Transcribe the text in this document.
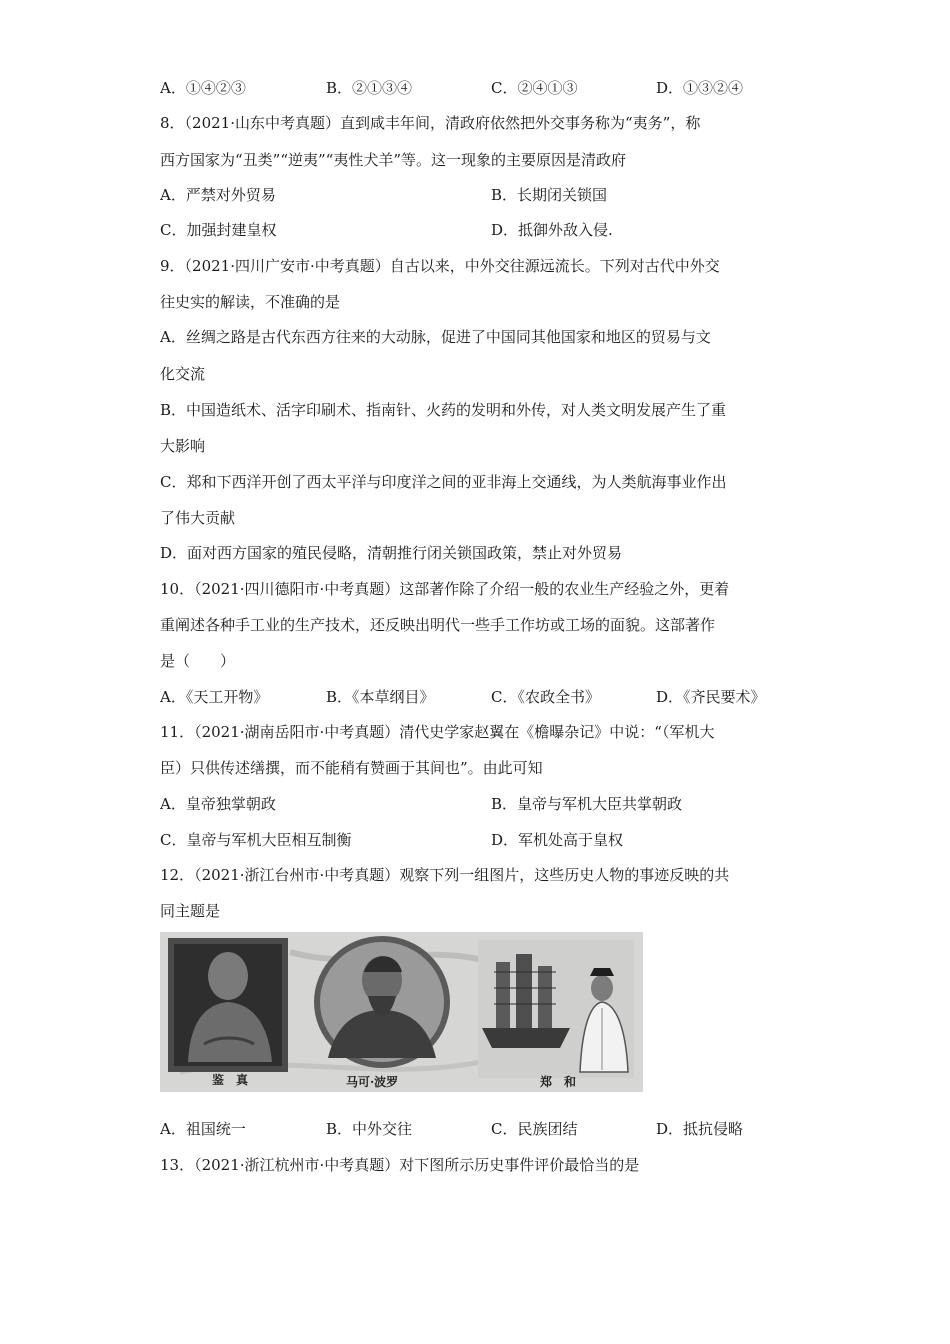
A．①④②③	B．②①③④	C．②④①③	D．①③②④
8．（2021·山东中考真题）直到咸丰年间，清政府依然把外交事务称为“夷务”，称
西方国家为“丑类”“逆夷”“夷性犬羊”等。这一现象的主要原因是清政府
A．严禁对外贸易	B．长期闭关锁国
C．加强封建皇权	D．抵御外敌入侵.
9．（2021·四川广安市·中考真题）自古以来，中外交往源远流长。下列对古代中外交
往史实的解读，不准确的是
A．丝绸之路是古代东西方往来的大动脉，促进了中国同其他国家和地区的贸易与文
化交流
B．中国造纸术、活字印刷术、指南针、火药的发明和外传，对人类文明发展产生了重
大影响
C．郑和下西洋开创了西太平洋与印度洋之间的亚非海上交通线，为人类航海事业作出
了伟大贡献
D．面对西方国家的殖民侵略，清朝推行闭关锁国政策，禁止对外贸易
10．（2021·四川德阳市·中考真题）这部著作除了介绍一般的农业生产经验之外，更着
重阐述各种手工业的生产技术，还反映出明代一些手工作坊或工场的面貌。这部著作
是（　　）
A．《天工开物》	B．《本草纲目》	C．《农政全书》	D．《齐民要术》
11．（2021·湖南岳阳市·中考真题）清代史学家赵翼在《檐曝杂记》中说：“（军机大
臣）只供传述缮撰，而不能稍有赞画于其间也”。由此可知
A．皇帝独掌朝政	B．皇帝与军机大臣共掌朝政
C．皇帝与军机大臣相互制衡	D．军机处高于皇权
12．（2021·浙江台州市·中考真题）观察下列一组图片，这些历史人物的事迹反映的共
同主题是
鉴　真	马可·波罗	郑　和
A．祖国统一	B．中外交往	C．民族团结	D．抵抗侵略
13．（2021·浙江杭州市·中考真题）对下图所示历史事件评价最恰当的是
